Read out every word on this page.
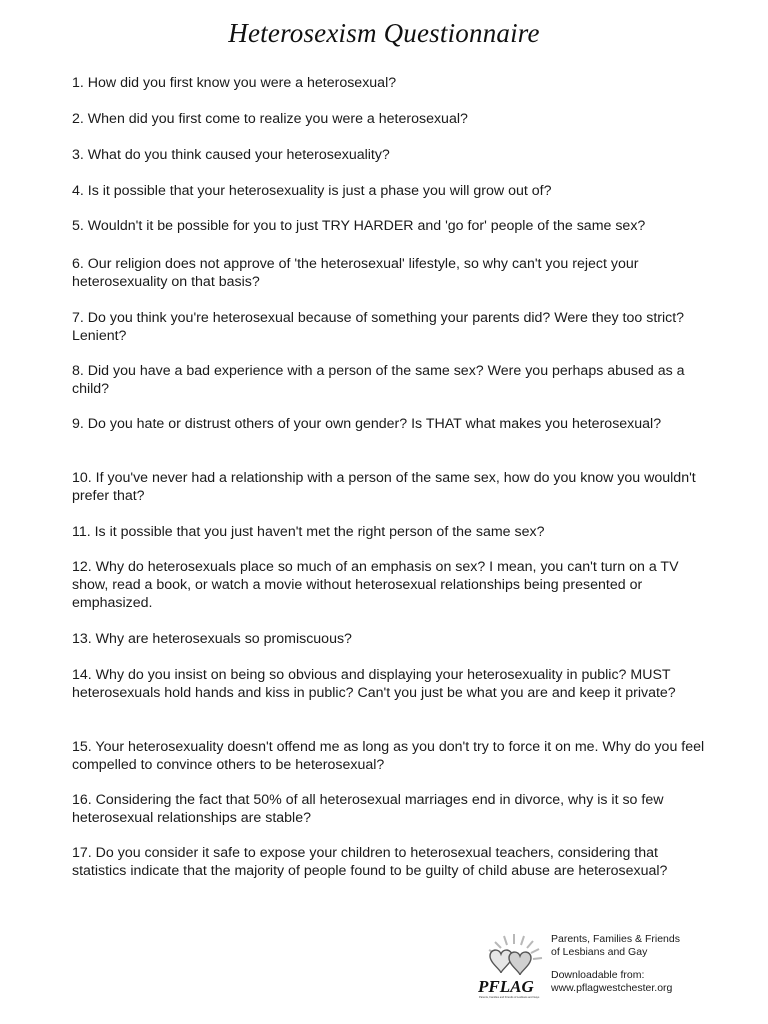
Heterosexism Questionnaire
1. How did you first know you were a heterosexual?
2. When did you first come to realize you were a heterosexual?
3. What do you think caused your heterosexuality?
4. Is it possible that your heterosexuality is just a phase you will grow out of?
5. Wouldn't it be possible for you to just TRY HARDER and 'go for' people of the same sex?
6. Our religion does not approve of 'the heterosexual' lifestyle, so why can't you reject your heterosexuality on that basis?
7. Do you think you're heterosexual because of something your parents did? Were they too strict? Lenient?
8. Did you have a bad experience with a person of the same sex? Were you perhaps abused as a child?
9. Do you hate or distrust others of your own gender? Is THAT what makes you heterosexual?
10. If you've never had a relationship with a person of the same sex, how do you know you wouldn't prefer that?
11. Is it possible that you just haven't met the right person of the same sex?
12. Why do heterosexuals place so much of an emphasis on sex? I mean, you can't turn on a TV show, read a book, or watch a movie without heterosexual relationships being presented or emphasized.
13. Why are heterosexuals so promiscuous?
14. Why do you insist on being so obvious and displaying your heterosexuality in public? MUST heterosexuals hold hands and kiss in public? Can't you just be what you are and keep it private?
15. Your heterosexuality doesn't offend me as long as you don't try to force it on me. Why do you feel compelled to convince others to be heterosexual?
16. Considering the fact that 50% of all heterosexual marriages end in divorce, why is it so few heterosexual relationships are stable?
17. Do you consider it safe to expose your children to heterosexual teachers, considering that statistics indicate that the majority of people found to be guilty of child abuse are heterosexual?
PFLAG
Parents, Families and Friends of Lesbians and Gays
Parents, Families & Friends
of Lesbians and Gay
Downloadable from:
www.pflagwestchester.org
